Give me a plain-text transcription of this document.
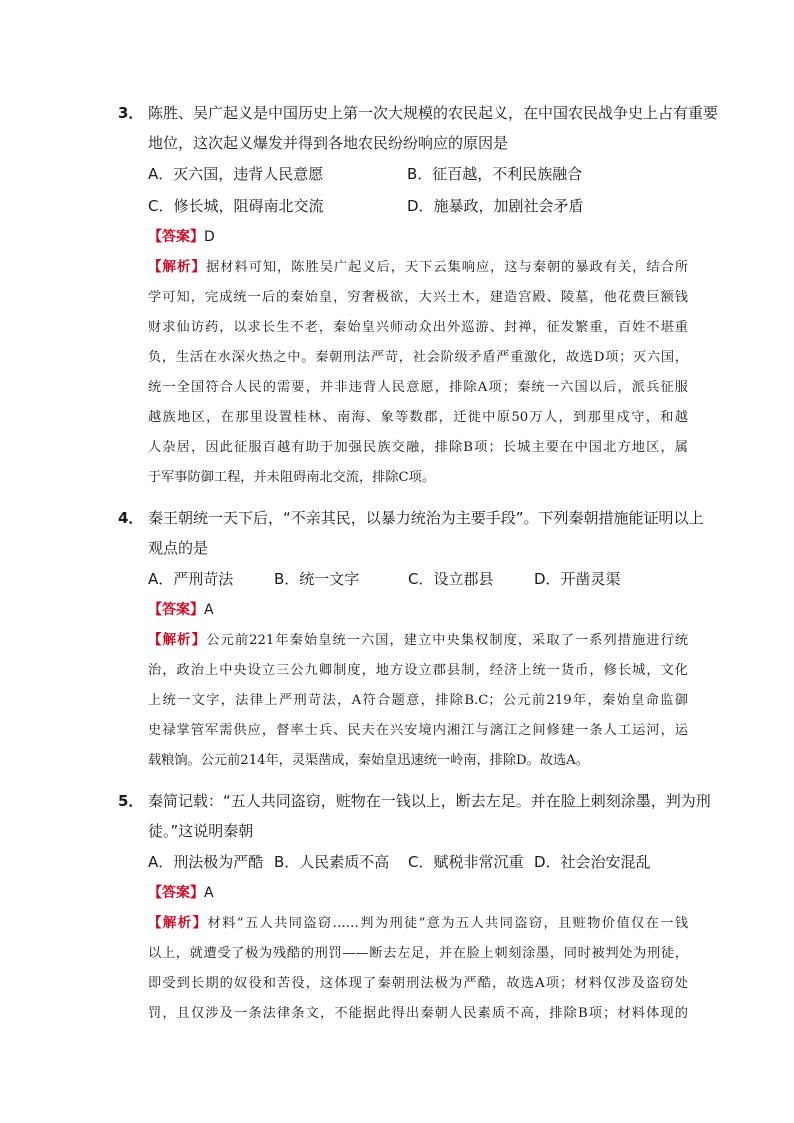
3． 陈胜、吴广起义是中国历史上第一次大规模的农民起义，在中国农民战争史上占有重要
地位，这次起义爆发并得到各地农民纷纷响应的原因是
A．灭六国，违背人民意愿	B．征百越，不利民族融合
C．修长城，阻碍南北交流	D．施暴政，加剧社会矛盾
【答案】D
【解析】据材料可知，陈胜吴广起义后，天下云集响应，这与秦朝的暴政有关，结合所
学可知，完成统一后的秦始皇，穷奢极欲，大兴土木，建造宫殿、陵墓，他花费巨额钱
财求仙访药，以求长生不老，秦始皇兴师动众出外巡游、封禅，征发繁重，百姓不堪重
负，生活在水深火热之中。秦朝刑法严苛，社会阶级矛盾严重激化，故选D项；灭六国，
统一全国符合人民的需要，并非违背人民意愿，排除A项；秦统一六国以后，派兵征服
越族地区，在那里设置桂林、南海、象等数郡，迁徙中原50万人，到那里戍守，和越
人杂居，因此征服百越有助于加强民族交融，排除B项；长城主要在中国北方地区，属
于军事防御工程，并未阻碍南北交流，排除C项。
4． 秦王朝统一天下后，“不亲其民，以暴力统治为主要手段”。下列秦朝措施能证明以上
观点的是
A．严刑苛法	B．统一文字	C．设立郡县	D．开凿灵渠
【答案】A
【解析】公元前221年秦始皇统一六国，建立中央集权制度，采取了一系列措施进行统
治，政治上中央设立三公九卿制度，地方设立郡县制，经济上统一货币，修长城，文化
上统一文字，法律上严刑苛法，A符合题意，排除B.C；公元前219年，秦始皇命监御
史禄掌管军需供应，督率士兵、民夫在兴安境内湘江与漓江之间修建一条人工运河，运
载粮饷。公元前214年，灵渠凿成，秦始皇迅速统一岭南，排除D。故选A。
5． 秦简记载：“五人共同盗窃，赃物在一钱以上，断去左足。并在脸上刺刻涂墨，判为刑
徒。”这说明秦朝
A．刑法极为严酷 B．人民素质不高 C．赋税非常沉重 D．社会治安混乱
【答案】A
【解析】材料“五人共同盗窃……判为刑徒”意为五人共同盗窃，且赃物价值仅在一钱
以上，就遭受了极为残酷的刑罚——断去左足，并在脸上刺刻涂墨，同时被判处为刑徒，
即受到长期的奴役和苦役，这体现了秦朝刑法极为严酷，故选A项；材料仅涉及盗窃处
罚，且仅涉及一条法律条文，不能据此得出秦朝人民素质不高，排除B项；材料体现的
